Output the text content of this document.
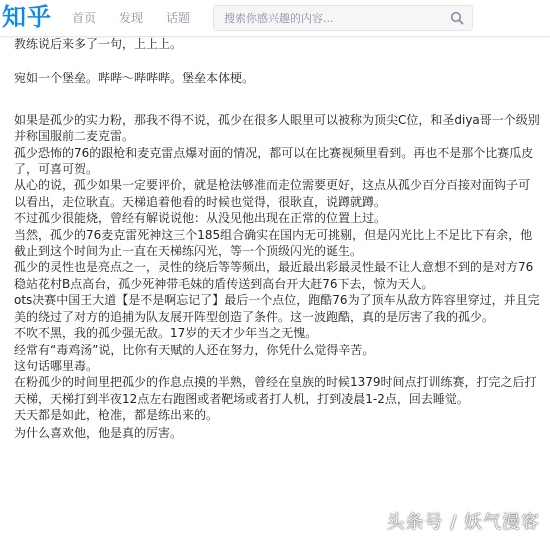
知乎 首页 发现 话题
搜索你感兴趣的内容...

教练说后来多了一句，上上上。

宛如一个堡垒。哔哔～哔哔哔。堡垒本体梗。

如果是孤少的实力粉，那我不得不说，孤少在很多人眼里可以被称为顶尖C位，和圣diya哥一个级别并称国服前二麦克雷。

孤少恐怖的76的跟枪和麦克雷点爆对面的情况，都可以在比赛视频里看到。再也不是那个比赛瓜皮了，可喜可贺。

从心的说，孤少如果一定要评价，就是枪法够准而走位需要更好，这点从孤少百分百接对面钩子可以看出，走位耿直。天梯追着他看的时候也觉得，很耿直，说蹲就蹲。

不过孤少很能烧，曾经有解说说他：从没见他出现在正常的位置上过。

当然，孤少的76麦克雷死神这三个185组合确实在国内无可挑剔，但是闪光比上不足比下有余，他截止到这个时间为止一直在天梯练闪光，等一个顶级闪光的诞生。

孤少的灵性也是亮点之一，灵性的绕后等等频出，最近最出彩最灵性最不让人意想不到的是对方76稳站花村B点高台，孤少死神带毛妹的盾传送到高台开大赶76下去，惊为天人。

ots决赛中国王大道【是不是啊忘记了】最后一个点位，跑酷76为了顶车从敌方阵容里穿过，并且完美的绕过了对方的追捕为队友展开阵型创造了条件。这一波跑酷，真的是厉害了我的孤少。

不吹不黑，我的孤少强无敌。17岁的天才少年当之无愧。

经常有“毒鸡汤”说，比你有天赋的人还在努力，你凭什么觉得辛苦。

这句话哪里毒。

在粉孤少的时间里把孤少的作息点摸的半熟，曾经在皇族的时候1379时间点打训练赛，打完之后打天梯，天梯打到半夜12点左右跑图或者靶场或者打人机，打到凌晨1-2点，回去睡觉。

天天都是如此，枪准，都是练出来的。

为什么喜欢他，他是真的厉害。

头条号 / 妖气漫客
